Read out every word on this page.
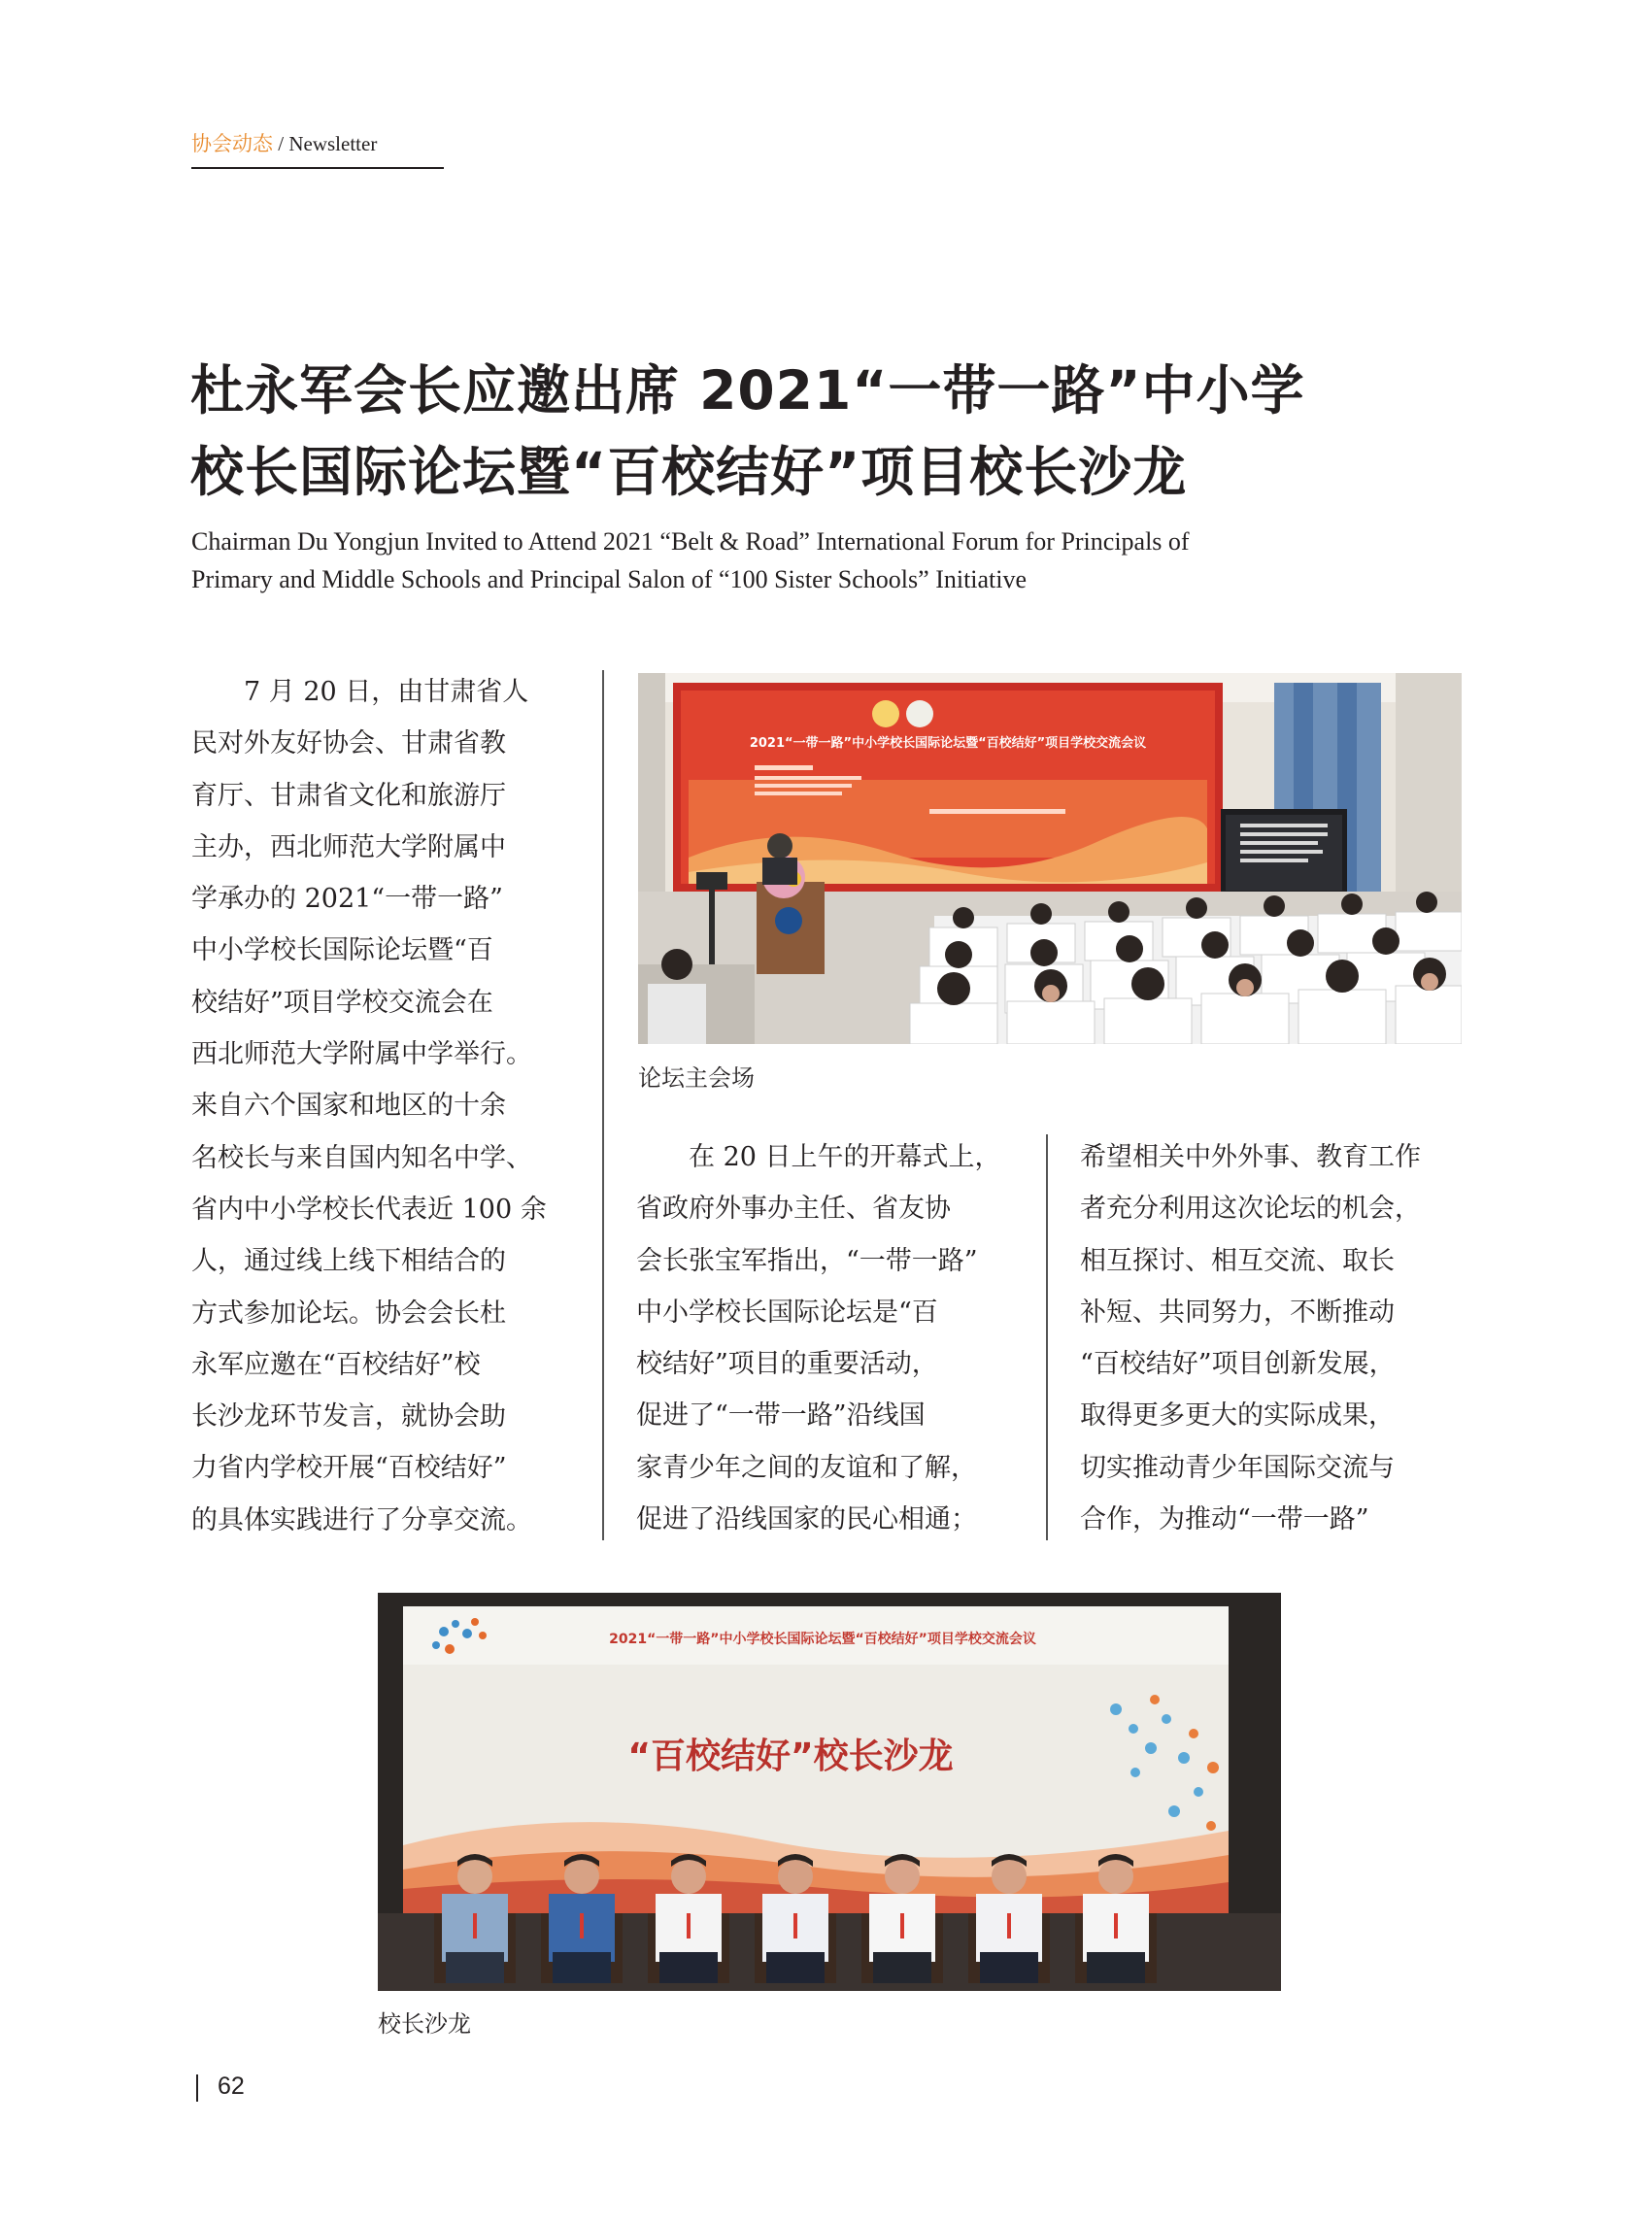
协会动态 / Newsletter
杜永军会长应邀出席 2021“一带一路”中小学
校长国际论坛暨“百校结好”项目校长沙龙
Chairman Du Yongjun Invited to Attend 2021 “Belt & Road” International Forum for Principals of
Primary and Middle Schools and Principal Salon of “100 Sister Schools” Initiative
　　7 月 20 日，由甘肃省人
民对外友好协会、甘肃省教
育厅、甘肃省文化和旅游厅
主办，西北师范大学附属中
学承办的 2021“一带一路”
中小学校长国际论坛暨“百
校结好”项目学校交流会在
西北师范大学附属中学举行。
来自六个国家和地区的十余
名校长与来自国内知名中学、
省内中小学校长代表近 100 余
人，通过线上线下相结合的
方式参加论坛。协会会长杜
永军应邀在“百校结好”校
长沙龙环节发言，就协会助
力省内学校开展“百校结好”
的具体实践进行了分享交流。
2021“一带一路”中小学校长国际论坛暨“百校结好”项目学校交流会议
论坛主会场
　　在 20 日上午的开幕式上，
省政府外事办主任、省友协
会长张宝军指出，“一带一路”
中小学校长国际论坛是“百
校结好”项目的重要活动，
促进了“一带一路”沿线国
家青少年之间的友谊和了解，
促进了沿线国家的民心相通；
希望相关中外外事、教育工作
者充分利用这次论坛的机会，
相互探讨、相互交流、取长
补短、共同努力，不断推动
“百校结好”项目创新发展，
取得更多更大的实际成果，
切实推动青少年国际交流与
合作，为推动“一带一路”
2021“一带一路”中小学校长国际论坛暨“百校结好”项目学校交流会议
“百校结好”校长沙龙
校长沙龙
62
